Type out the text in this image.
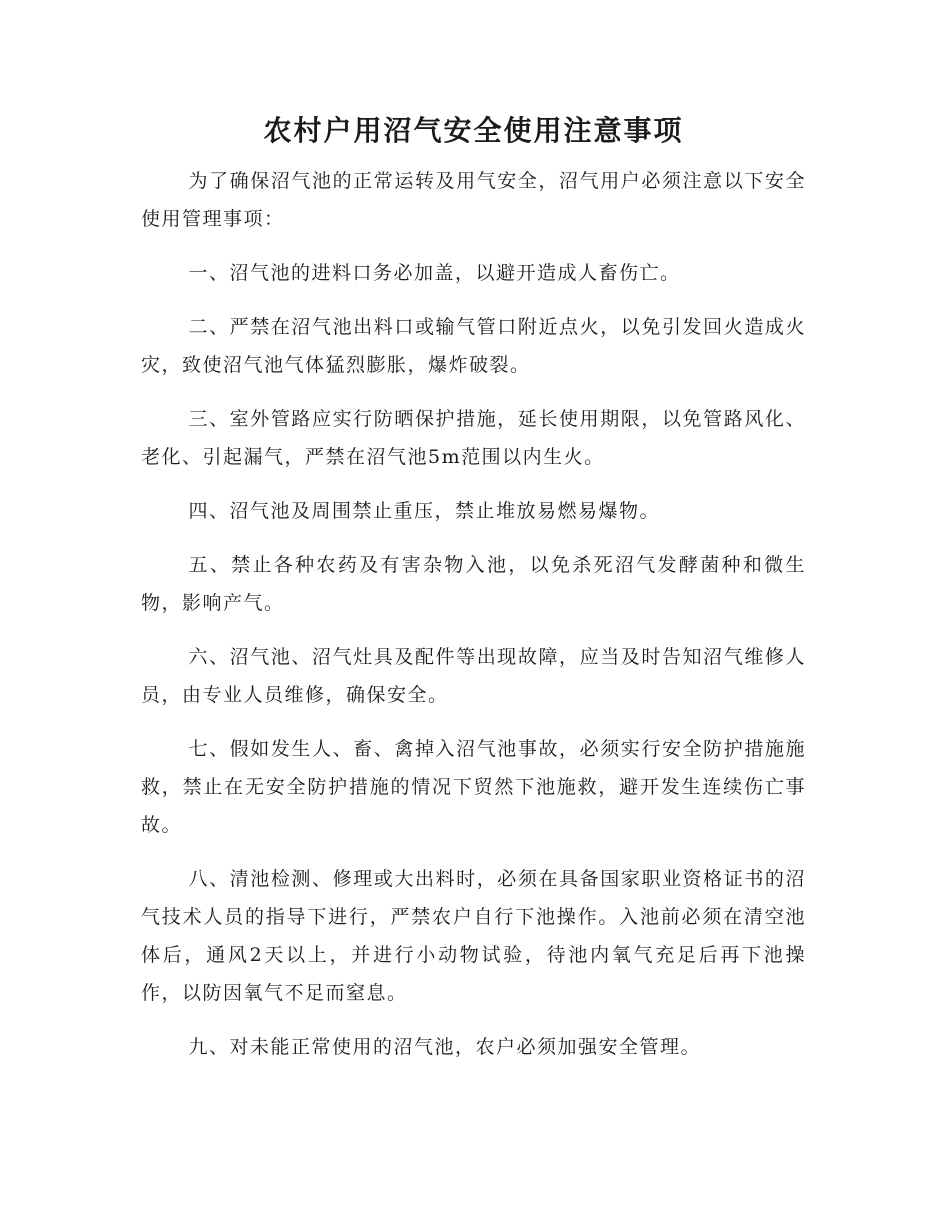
农村户用沼气安全使用注意事项

为了确保沼气池的正常运转及用气安全，沼气用户必须注意以下安全使用管理事项：

一、沼气池的进料口务必加盖，以避开造成人畜伤亡。

二、严禁在沼气池出料口或输气管口附近点火，以免引发回火造成火灾，致使沼气池气体猛烈膨胀，爆炸破裂。

三、室外管路应实行防晒保护措施，延长使用期限，以免管路风化、老化、引起漏气，严禁在沼气池5m范围以内生火。

四、沼气池及周围禁止重压，禁止堆放易燃易爆物。

五、禁止各种农药及有害杂物入池，以免杀死沼气发酵菌种和微生物，影响产气。

六、沼气池、沼气灶具及配件等出现故障，应当及时告知沼气维修人员，由专业人员维修，确保安全。

七、假如发生人、畜、禽掉入沼气池事故，必须实行安全防护措施施救，禁止在无安全防护措施的情况下贸然下池施救，避开发生连续伤亡事故。

八、清池检测、修理或大出料时，必须在具备国家职业资格证书的沼气技术人员的指导下进行，严禁农户自行下池操作。入池前必须在清空池体后，通风2天以上，并进行小动物试验，待池内氧气充足后再下池操作，以防因氧气不足而窒息。

九、对未能正常使用的沼气池，农户必须加强安全管理。
